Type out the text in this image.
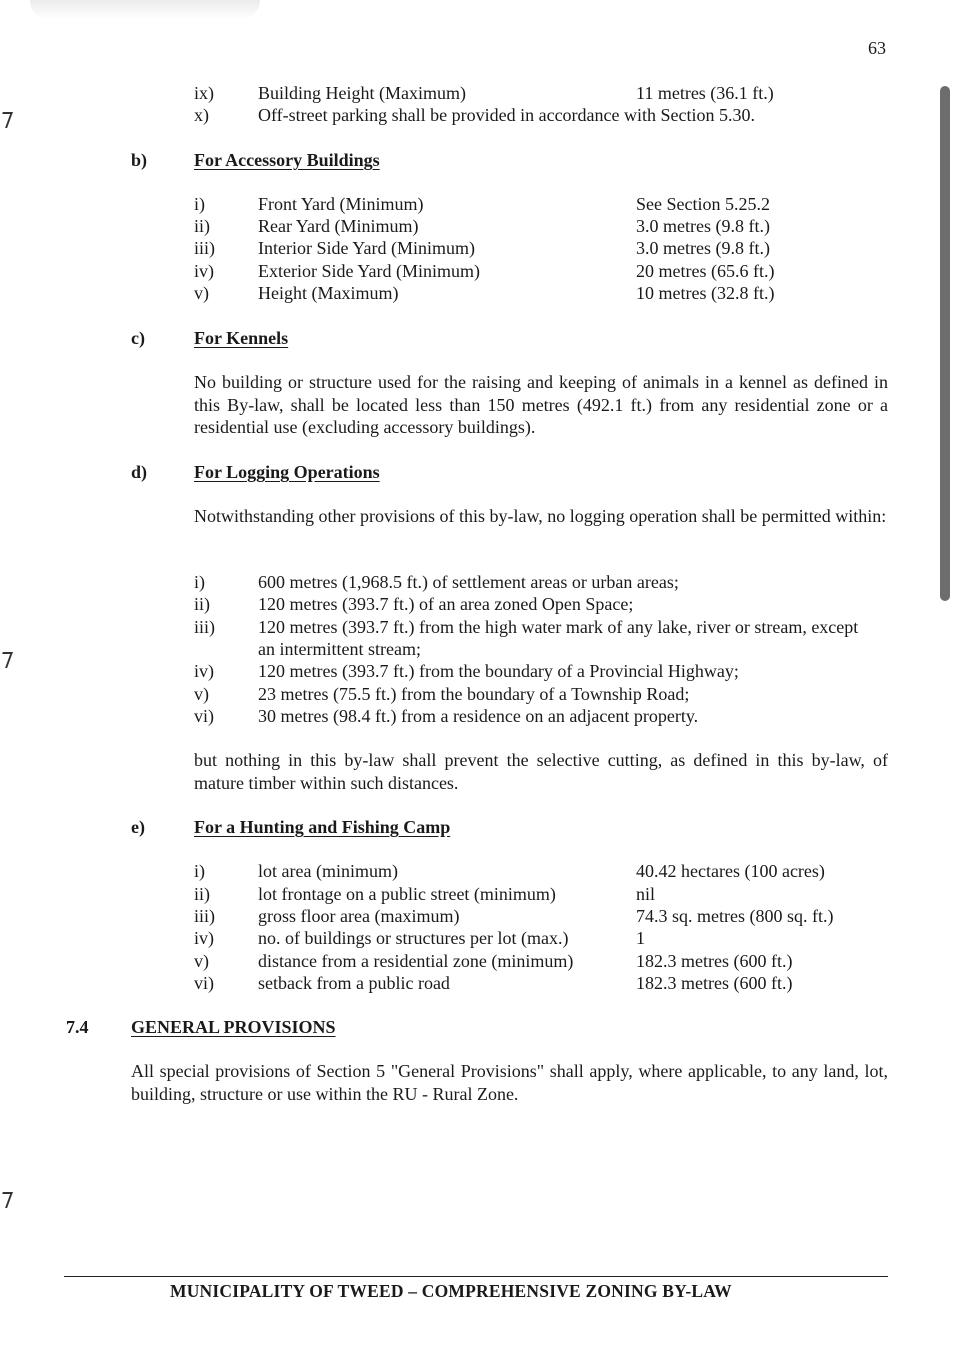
63
ix) Building Height (Maximum)	11 metres (36.1 ft.)
x)	Off-street parking shall be provided in accordance with Section 5.30.
b)	For Accessory Buildings
i)	Front Yard (Minimum)	See Section 5.25.2
ii)	Rear Yard (Minimum)	3.0 metres (9.8 ft.)
iii) Interior Side Yard (Minimum)	3.0 metres (9.8 ft.)
iv) Exterior Side Yard (Minimum)	20 metres (65.6 ft.)
v)	Height (Maximum)	10 metres (32.8 ft.)
c)	For Kennels
No building or structure used for the raising and keeping of animals in a kennel as defined in this By-law, shall be located less than 150 metres (492.1 ft.) from any residential zone or a residential use (excluding accessory buildings).
d)	For Logging Operations
Notwithstanding other provisions of this by-law, no logging operation shall be permitted within:
i)	600 metres (1,968.5 ft.) of settlement areas or urban areas;
ii)	120 metres (393.7 ft.) of an area zoned Open Space;
iii) 120 metres (393.7 ft.) from the high water mark of any lake, river or stream, except
an intermittent stream;
iv) 120 metres (393.7 ft.) from the boundary of a Provincial Highway;
v)	23 metres (75.5 ft.) from the boundary of a Township Road;
vi) 30 metres (98.4 ft.) from a residence on an adjacent property.
but nothing in this by-law shall prevent the selective cutting, as defined in this by-law, of mature timber within such distances.
e)	For a Hunting and Fishing Camp
i)	lot area (minimum)	40.42 hectares (100 acres)
ii)	lot frontage on a public street (minimum)	nil
iii) gross floor area (maximum)	74.3 sq. metres (800 sq. ft.)
iv) no. of buildings or structures per lot (max.)	1
v)	distance from a residential zone (minimum)	182.3 metres (600 ft.)
vi) setback from a public road	182.3 metres (600 ft.)
7.4 GENERAL PROVISIONS
All special provisions of Section 5 "General Provisions" shall apply, where applicable, to any land, lot, building, structure or use within the RU - Rural Zone.
MUNICIPALITY OF TWEED – COMPREHENSIVE ZONING BY-LAW
